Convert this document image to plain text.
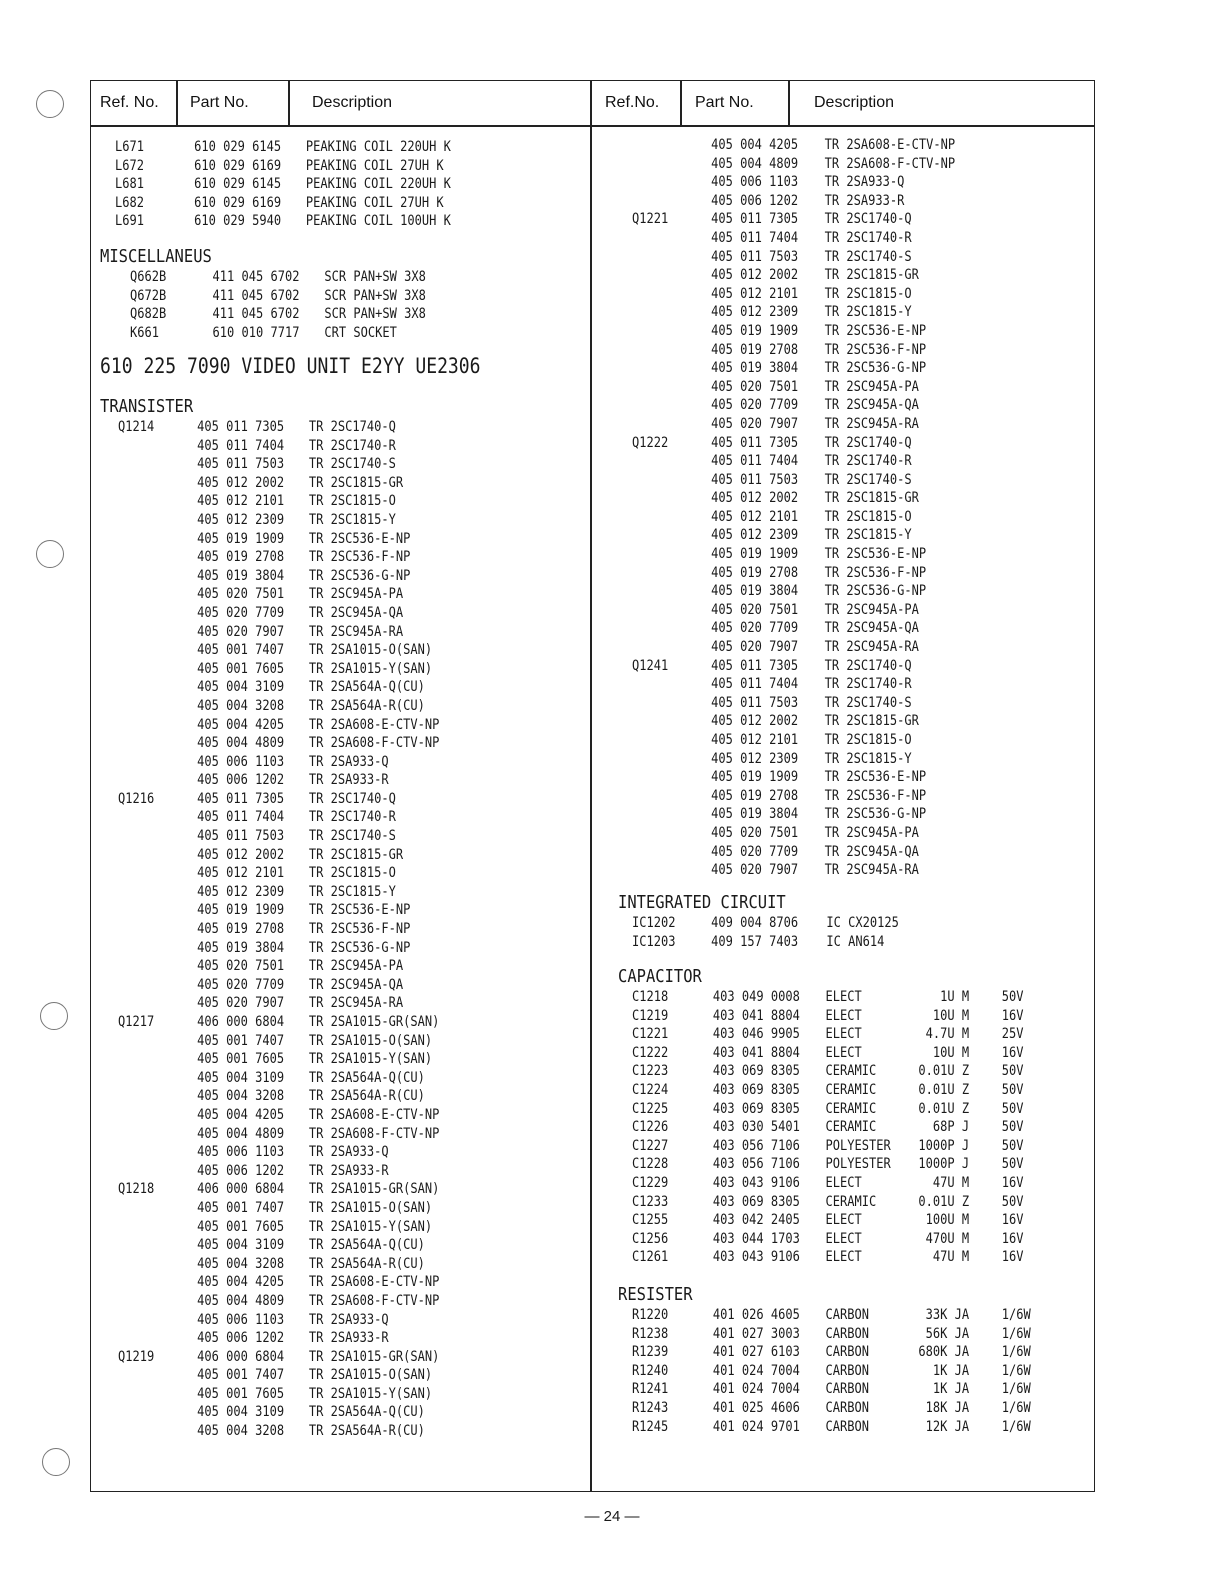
Ref. No. Part No.	Description	Ref.No. Part No.	Description
L671	610 029 6145 PEAKING COIL 220UH K
L672	610 029 6169 PEAKING COIL 27UH K
L681	610 029 6145 PEAKING COIL 220UH K
L682	610 029 6169 PEAKING COIL 27UH K
L691	610 029 5940 PEAKING COIL 100UH K
MISCELLANEUS
Q662B	411 045 6702 SCR PAN+SW 3X8
Q672B	411 045 6702 SCR PAN+SW 3X8
Q682B	411 045 6702 SCR PAN+SW 3X8
K661	610 010 7717 CRT SOCKET
610 225 7090 VIDEO UNIT E2YY UE2306
TRANSISTER
Q1214	405 011 7305 TR 2SC1740-Q
405 011 7404 TR 2SC1740-R
405 011 7503 TR 2SC1740-S
405 012 2002 TR 2SC1815-GR
405 012 2101 TR 2SC1815-O
405 012 2309 TR 2SC1815-Y
405 019 1909 TR 2SC536-E-NP
405 019 2708 TR 2SC536-F-NP
405 019 3804 TR 2SC536-G-NP
405 020 7501 TR 2SC945A-PA
405 020 7709 TR 2SC945A-QA
405 020 7907 TR 2SC945A-RA
405 001 7407 TR 2SA1015-O(SAN)
405 001 7605 TR 2SA1015-Y(SAN)
405 004 3109 TR 2SA564A-Q(CU)
405 004 3208 TR 2SA564A-R(CU)
405 004 4205 TR 2SA608-E-CTV-NP
405 004 4809 TR 2SA608-F-CTV-NP
405 006 1103 TR 2SA933-Q
405 006 1202 TR 2SA933-R
Q1216	405 011 7305 TR 2SC1740-Q
405 011 7404 TR 2SC1740-R
405 011 7503 TR 2SC1740-S
405 012 2002 TR 2SC1815-GR
405 012 2101 TR 2SC1815-O
405 012 2309 TR 2SC1815-Y
405 019 1909 TR 2SC536-E-NP
405 019 2708 TR 2SC536-F-NP
405 019 3804 TR 2SC536-G-NP
405 020 7501 TR 2SC945A-PA
405 020 7709 TR 2SC945A-QA
405 020 7907 TR 2SC945A-RA
Q1217	406 000 6804 TR 2SA1015-GR(SAN)
405 001 7407 TR 2SA1015-O(SAN)
405 001 7605 TR 2SA1015-Y(SAN)
405 004 3109 TR 2SA564A-Q(CU)
405 004 3208 TR 2SA564A-R(CU)
405 004 4205 TR 2SA608-E-CTV-NP
405 004 4809 TR 2SA608-F-CTV-NP
405 006 1103 TR 2SA933-Q
405 006 1202 TR 2SA933-R
Q1218	406 000 6804 TR 2SA1015-GR(SAN)
405 001 7407 TR 2SA1015-O(SAN)
405 001 7605 TR 2SA1015-Y(SAN)
405 004 3109 TR 2SA564A-Q(CU)
405 004 3208 TR 2SA564A-R(CU)
405 004 4205 TR 2SA608-E-CTV-NP
405 004 4809 TR 2SA608-F-CTV-NP
405 006 1103 TR 2SA933-Q
405 006 1202 TR 2SA933-R
Q1219	406 000 6804 TR 2SA1015-GR(SAN)
405 001 7407 TR 2SA1015-O(SAN)
405 001 7605 TR 2SA1015-Y(SAN)
405 004 3109 TR 2SA564A-Q(CU)
405 004 3208 TR 2SA564A-R(CU)
405 004 4205 TR 2SA608-E-CTV-NP
405 004 4809 TR 2SA608-F-CTV-NP
405 006 1103 TR 2SA933-Q
405 006 1202 TR 2SA933-R
Q1221	405 011 7305 TR 2SC1740-Q
405 011 7404 TR 2SC1740-R
405 011 7503 TR 2SC1740-S
405 012 2002 TR 2SC1815-GR
405 012 2101 TR 2SC1815-O
405 012 2309 TR 2SC1815-Y
405 019 1909 TR 2SC536-E-NP
405 019 2708 TR 2SC536-F-NP
405 019 3804 TR 2SC536-G-NP
405 020 7501 TR 2SC945A-PA
405 020 7709 TR 2SC945A-QA
405 020 7907 TR 2SC945A-RA
Q1222	405 011 7305 TR 2SC1740-Q
405 011 7404 TR 2SC1740-R
405 011 7503 TR 2SC1740-S
405 012 2002 TR 2SC1815-GR
405 012 2101 TR 2SC1815-O
405 012 2309 TR 2SC1815-Y
405 019 1909 TR 2SC536-E-NP
405 019 2708 TR 2SC536-F-NP
405 019 3804 TR 2SC536-G-NP
405 020 7501 TR 2SC945A-PA
405 020 7709 TR 2SC945A-QA
405 020 7907 TR 2SC945A-RA
Q1241	405 011 7305 TR 2SC1740-Q
405 011 7404 TR 2SC1740-R
405 011 7503 TR 2SC1740-S
405 012 2002 TR 2SC1815-GR
405 012 2101 TR 2SC1815-O
405 012 2309 TR 2SC1815-Y
405 019 1909 TR 2SC536-E-NP
405 019 2708 TR 2SC536-F-NP
405 019 3804 TR 2SC536-G-NP
405 020 7501 TR 2SC945A-PA
405 020 7709 TR 2SC945A-QA
405 020 7907 TR 2SC945A-RA
INTEGRATED CIRCUIT
IC1202	409 004 8706 IC CX20125
IC1203	409 157 7403 IC AN614
CAPACITOR
C1218	403 049 0008 ELECT	1U M 50V
C1219	403 041 8804 ELECT	10U M 16V
C1221	403 046 9905 ELECT	4.7U M 25V
C1222	403 041 8804 ELECT	10U M 16V
C1223	403 069 8305 CERAMIC	0.01U Z 50V
C1224	403 069 8305 CERAMIC	0.01U Z 50V
C1225	403 069 8305 CERAMIC	0.01U Z 50V
C1226	403 030 5401 CERAMIC	68P J 50V
C1227	403 056 7106 POLYESTER	1000P J 50V
C1228	403 056 7106 POLYESTER	1000P J 50V
C1229	403 043 9106 ELECT	47U M 16V
C1233	403 069 8305 CERAMIC	0.01U Z 50V
C1255	403 042 2405 ELECT	100U M 16V
C1256	403 044 1703 ELECT	470U M 16V
C1261	403 043 9106 ELECT	47U M 16V
RESISTER
R1220	401 026 4605 CARBON	33K JA 1/6W
R1238	401 027 3003 CARBON	56K JA 1/6W
R1239	401 027 6103 CARBON	680K JA 1/6W
R1240	401 024 7004 CARBON	1K JA 1/6W
R1241	401 024 7004 CARBON	1K JA 1/6W
R1243	401 025 4606 CARBON	18K JA 1/6W
R1245	401 024 9701 CARBON	12K JA 1/6W
— 24 —
